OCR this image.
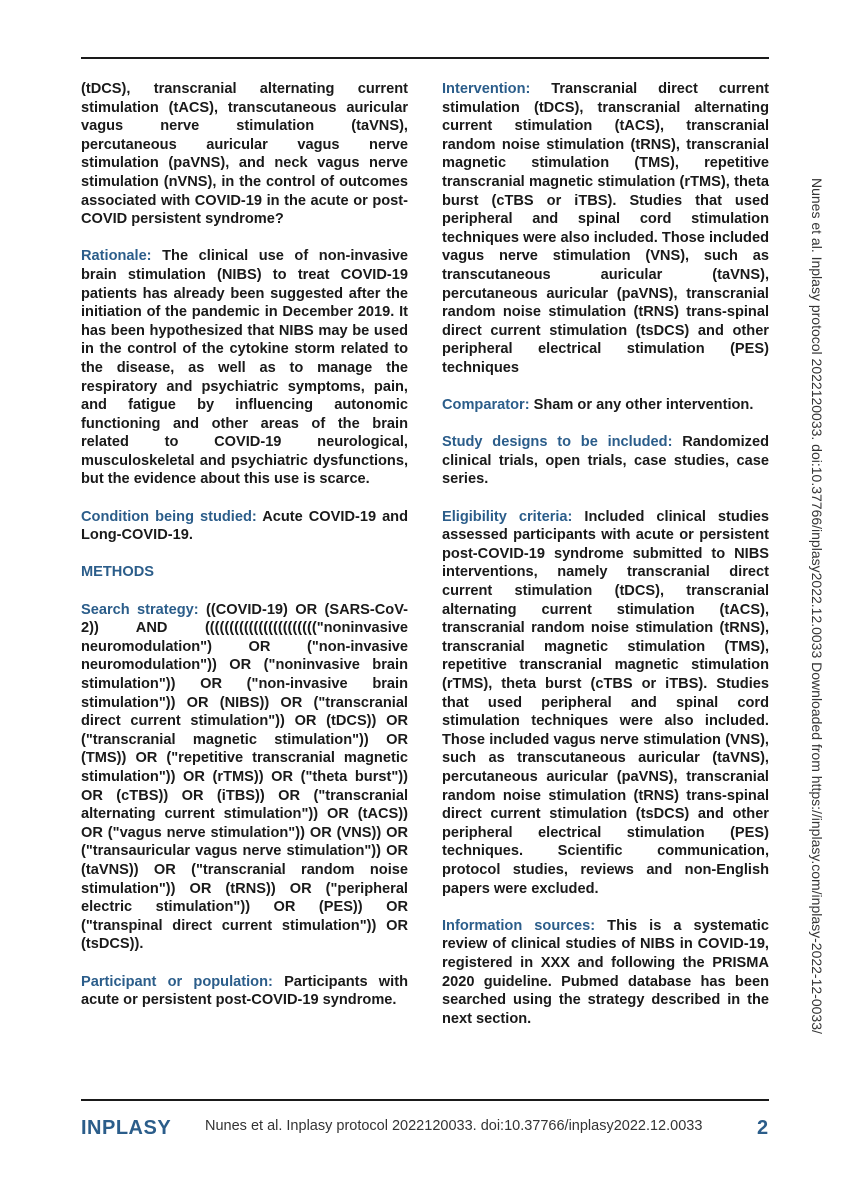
(tDCS), transcranial alternating current stimulation (tACS), transcutaneous auricular vagus nerve stimulation (taVNS), percutaneous auricular vagus nerve stimulation (paVNS), and neck vagus nerve stimulation (nVNS), in the control of outcomes associated with COVID-19 in the acute or post-COVID persistent syndrome?

Rationale: The clinical use of non-invasive brain stimulation (NIBS) to treat COVID-19 patients has already been suggested after the initiation of the pandemic in December 2019. It has been hypothesized that NIBS may be used in the control of the cytokine storm related to the disease, as well as to manage the respiratory and psychiatric symptoms, pain, and fatigue by influencing autonomic functioning and other areas of the brain related to COVID-19 neurological, musculoskeletal and psychiatric dysfunctions, but the evidence about this use is scarce.

Condition being studied: Acute COVID-19 and Long-COVID-19.

METHODS

Search strategy: ((COVID-19) OR (SARS-CoV-2)) AND ((((((((((((((((((((((("noninvasive neuromodulation") OR ("non-invasive neuromodulation")) OR ("noninvasive brain stimulation")) OR ("non-invasive brain stimulation")) OR (NIBS)) OR ("transcranial direct current stimulation")) OR (tDCS)) OR ("transcranial magnetic stimulation")) OR (TMS)) OR ("repetitive transcranial magnetic stimulation")) OR (rTMS)) OR ("theta burst")) OR (cTBS)) OR (iTBS)) OR ("transcranial alternating current stimulation")) OR (tACS)) OR ("vagus nerve stimulation")) OR (VNS)) OR ("transauricular vagus nerve stimulation")) OR (taVNS)) OR ("transcranial random noise stimulation")) OR (tRNS)) OR ("peripheral electric stimulation")) OR (PES)) OR ("transpinal direct current stimulation")) OR (tsDCS)).

Participant or population: Participants with acute or persistent post-COVID-19 syndrome.

Intervention: Transcranial direct current stimulation (tDCS), transcranial alternating current stimulation (tACS), transcranial random noise stimulation (tRNS), transcranial magnetic stimulation (TMS), repetitive transcranial magnetic stimulation (rTMS), theta burst (cTBS or iTBS). Studies that used peripheral and spinal cord stimulation techniques were also included. Those included vagus nerve stimulation (VNS), such as transcutaneous auricular (taVNS), percutaneous auricular (paVNS), transcranial random noise stimulation (tRNS) trans-spinal direct current stimulation (tsDCS) and other peripheral electrical stimulation (PES) techniques

Comparator: Sham or any other intervention.

Study designs to be included: Randomized clinical trials, open trials, case studies, case series.

Eligibility criteria: Included clinical studies assessed participants with acute or persistent post-COVID-19 syndrome submitted to NIBS interventions, namely transcranial direct current stimulation (tDCS), transcranial alternating current stimulation (tACS), transcranial random noise stimulation (tRNS), transcranial magnetic stimulation (TMS), repetitive transcranial magnetic stimulation (rTMS), theta burst (cTBS or iTBS). Studies that used peripheral and spinal cord stimulation techniques were also included. Those included vagus nerve stimulation (VNS), such as transcutaneous auricular (taVNS), percutaneous auricular (paVNS), transcranial random noise stimulation (tRNS) trans-spinal direct current stimulation (tsDCS) and other peripheral electrical stimulation (PES) techniques. Scientific communication, protocol studies, reviews and non-English papers were excluded.

Information sources: This is a systematic review of clinical studies of NIBS in COVID-19, registered in XXX and following the PRISMA 2020 guideline. Pubmed database has been searched using the strategy described in the next section.	Nunes et al. Inplasy protocol 2022120033. doi:10.37766/inplasy2022.12.0033 Downloaded from https://inplasy.com/inplasy-2022-12-0033/
INPLASY Nunes et al. Inplasy protocol 2022120033. doi:10.37766/inplasy2022.12.0033	2
